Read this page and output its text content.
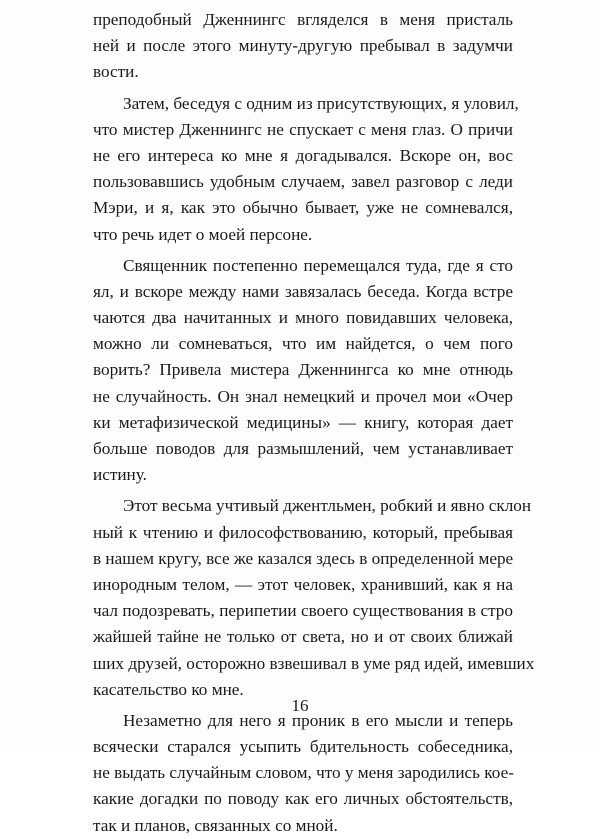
преподобный Дженнингс вгляделся в меня присталь
ней и после этого минуту-другую пребывал в задумчи
вости.
Затем, беседуя с одним из присутствующих, я уловил,
что мистер Дженнингс не спускает с меня глаз. О причи
не его интереса ко мне я догадывался. Вскоре он, вос
пользовавшись удобным случаем, завел разговор с леди
Мэри, и я, как это обычно бывает, уже не сомневался,
что речь идет о моей персоне.
Священник постепенно перемещался туда, где я сто
ял, и вскоре между нами завязалась беседа. Когда встре
чаются два начитанных и много повидавших человека,
можно ли сомневаться, что им найдется, о чем пого
ворить? Привела мистера Дженнингса ко мне отнюдь
не случайность. Он знал немецкий и прочел мои «Очер
ки метафизической медицины» — книгу, которая дает
больше поводов для размышлений, чем устанавливает
истину.
Этот весьма учтивый джентльмен, робкий и явно склон
ный к чтению и философствованию, который, пребывая
в нашем кругу, все же казался здесь в определенной мере
инородным телом, — этот человек, хранивший, как я на
чал подозревать, перипетии своего существования в стро
жайшей тайне не только от света, но и от своих ближай
ших друзей, осторожно взвешивал в уме ряд идей, имевших
касательство ко мне.
Незаметно для него я проник в его мысли и теперь
всячески старался усыпить бдительность собеседника,
не выдать случайным словом, что у меня зародились кое-
какие догадки по поводу как его личных обстоятельств,
так и планов, связанных со мной.
16
